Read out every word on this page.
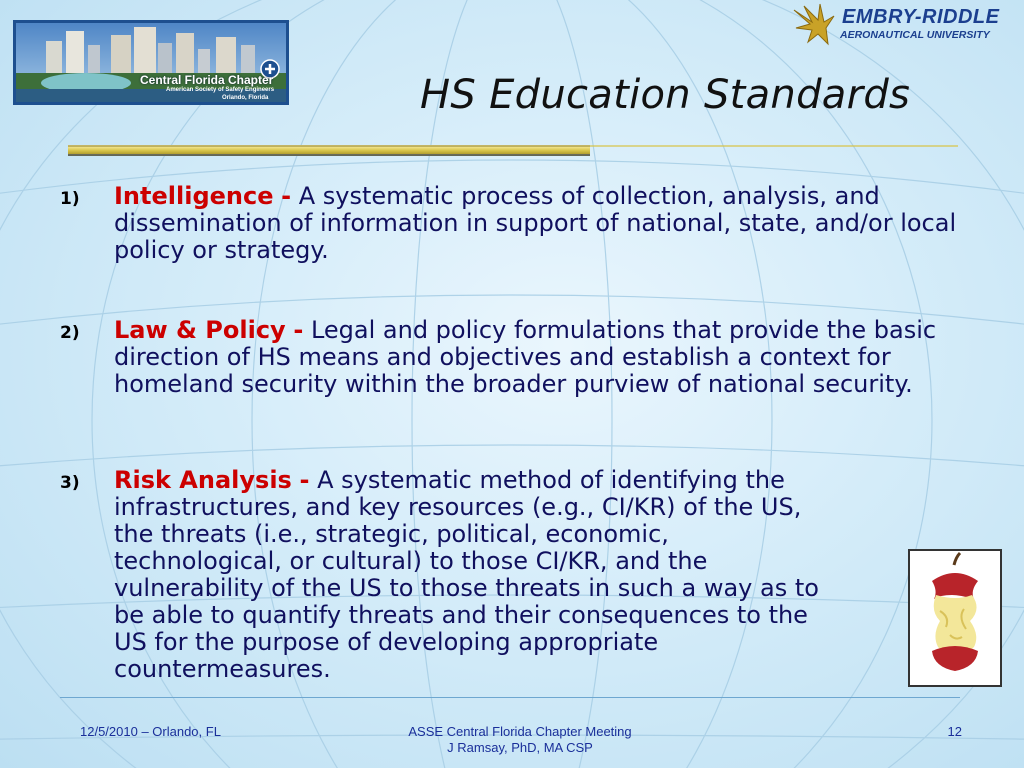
Central Florida Chapter
American Society of Safety Engineers
Orlando, Florida
EMBRY-RIDDLE
AERONAUTICAL UNIVERSITY
HS Education Standards
1) Intelligence - A systematic process of collection, analysis, and dissemination of information in support of national, state, and/or local policy or strategy.

2) Law & Policy - Legal and policy formulations that provide the basic direction of HS means and objectives and establish a context for homeland security within the broader purview of national security.

3) Risk Analysis - A systematic method of identifying the infrastructures, and key resources (e.g., CI/KR) of the US, the threats (i.e., strategic, political, economic, technological, or cultural) to those CI/KR, and the vulnerability of the US to those threats in such a way as to be able to quantify threats and their consequences to the US for the purpose of developing appropriate countermeasures.

12/5/2010 – Orlando, FL	ASSE Central Florida Chapter Meeting
J Ramsay, PhD, MA CSP
12
